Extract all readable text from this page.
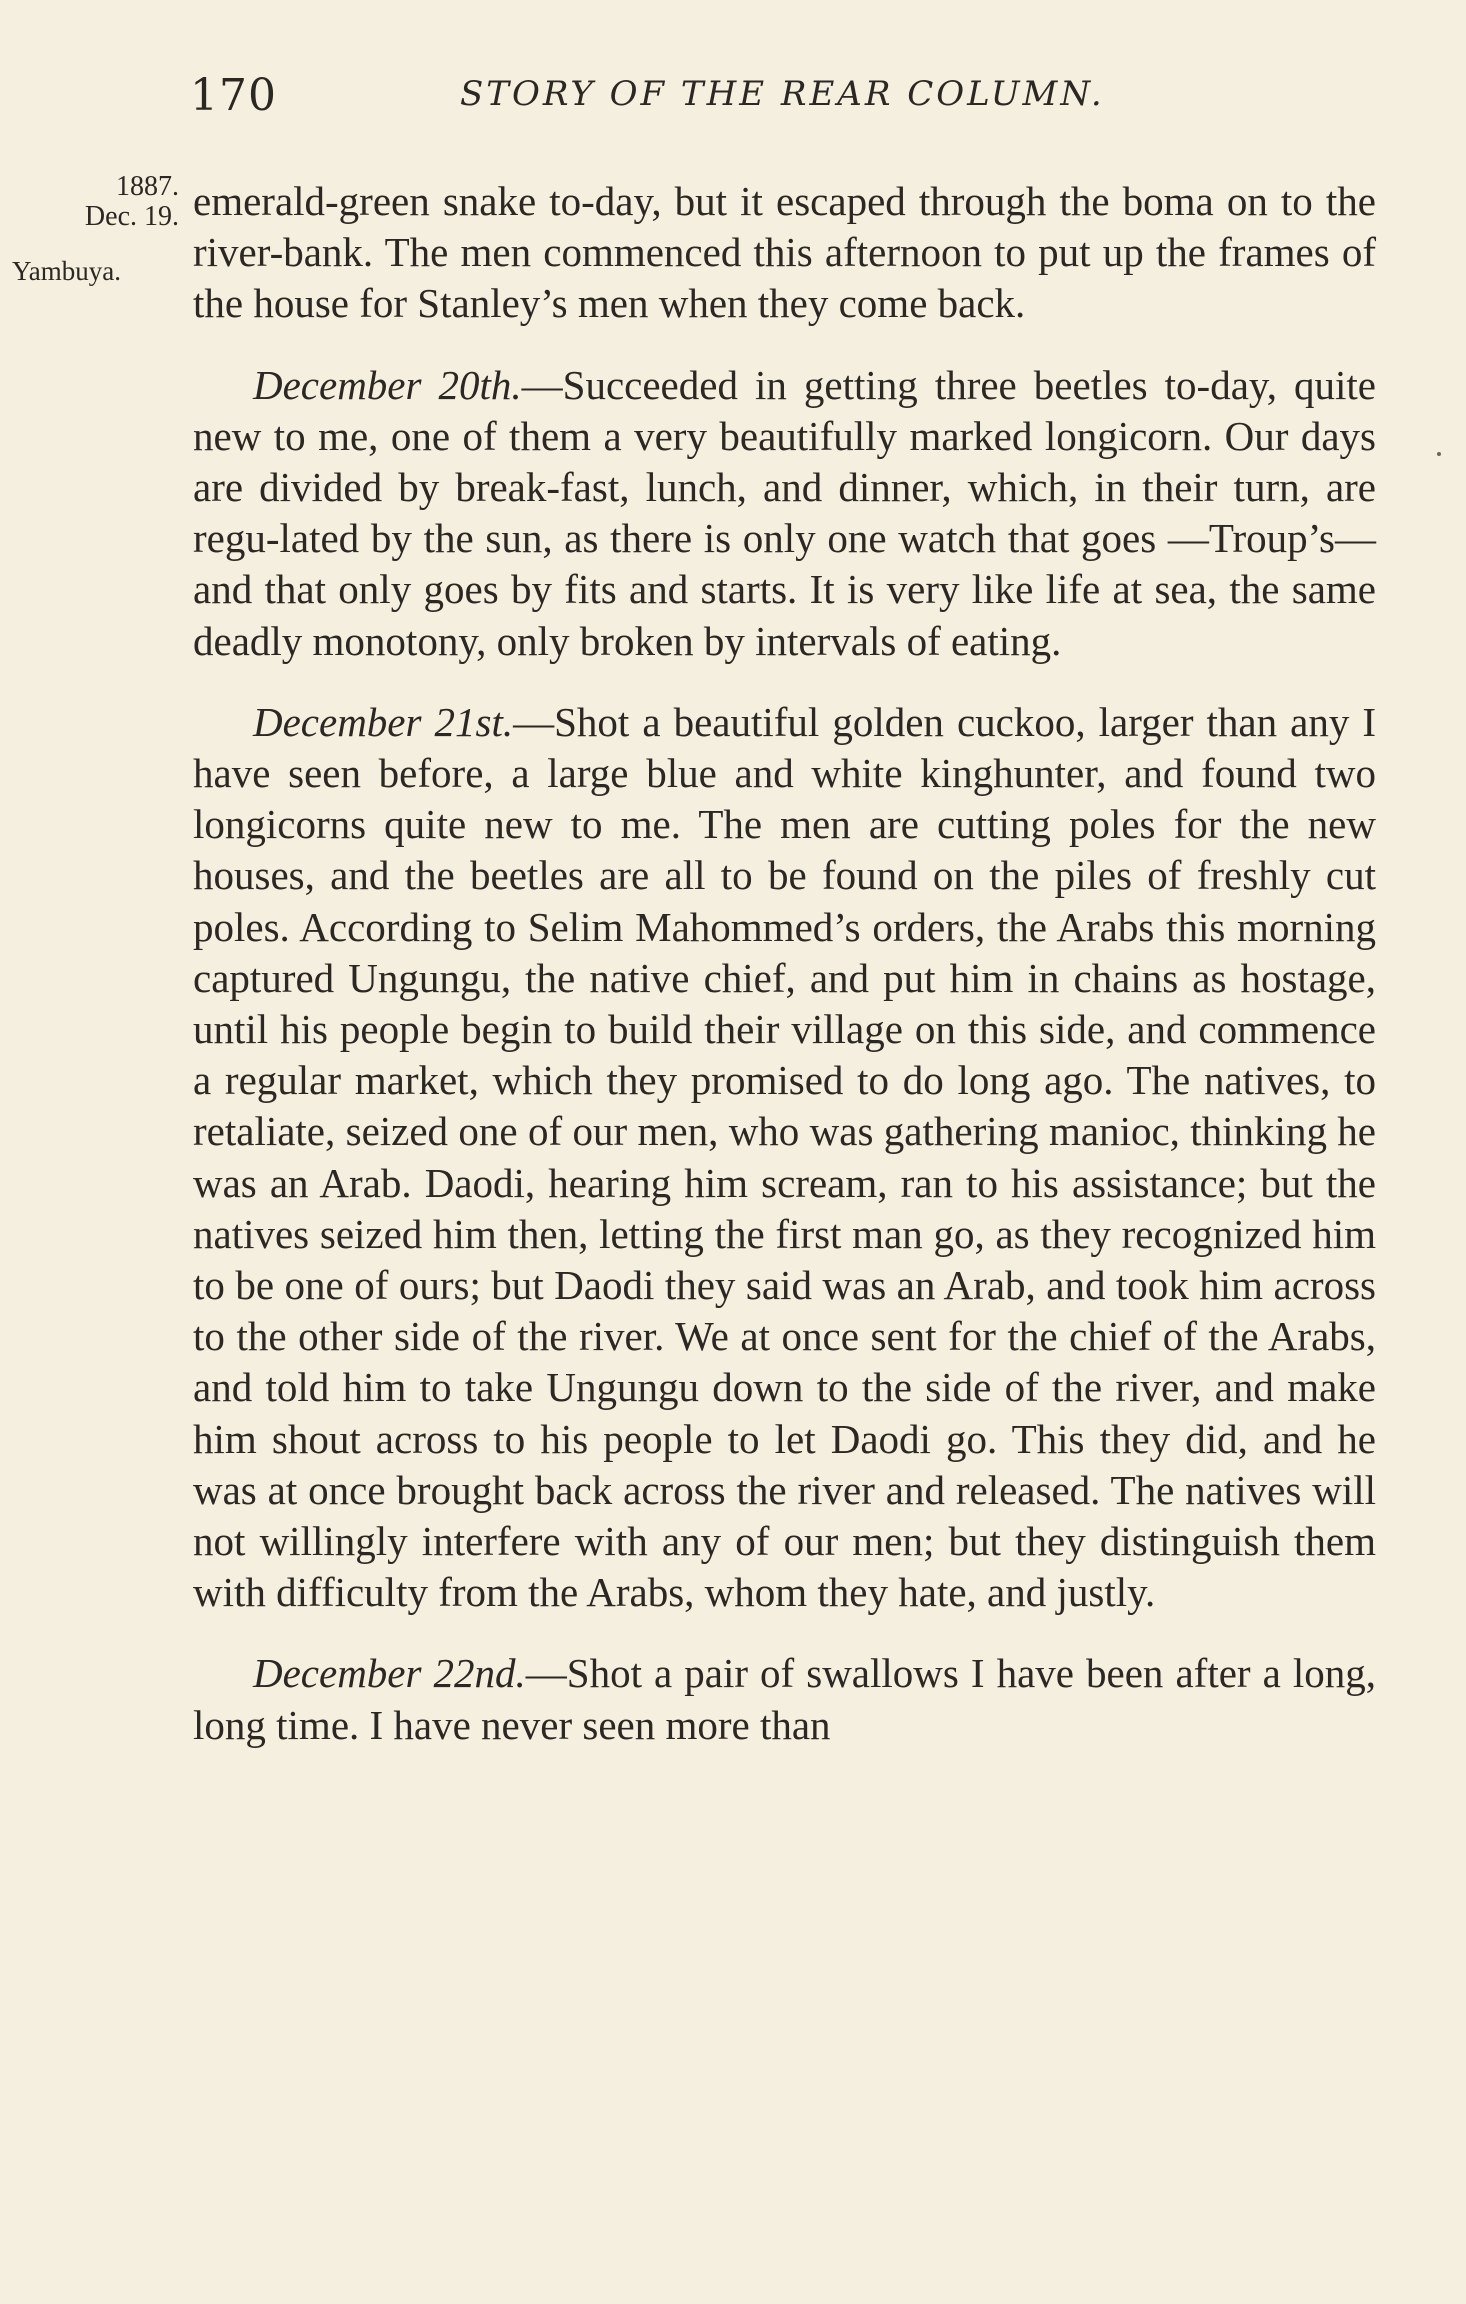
170	STORY OF THE REAR COLUMN.
1887.
Dec. 19.
Yambuya.

emerald-green snake to-day, but it escaped through the boma on to the river-bank. The men commenced this afternoon to put up the frames of the house for Stanley’s men when they come back.

December 20th.—Succeeded in getting three beetles to-day, quite new to me, one of them a very beautifully marked longicorn. Our days are divided by break-fast, lunch, and dinner, which, in their turn, are regu-lated by the sun, as there is only one watch that goes —Troup’s—and that only goes by fits and starts. It is very like life at sea, the same deadly monotony, only broken by intervals of eating.

December 21st.—Shot a beautiful golden cuckoo, larger than any I have seen before, a large blue and white kinghunter, and found two longicorns quite new to me. The men are cutting poles for the new houses, and the beetles are all to be found on the piles of freshly cut poles. According to Selim Mahommed’s orders, the Arabs this morning captured Ungungu, the native chief, and put him in chains as hostage, until his people begin to build their village on this side, and commence a regular market, which they promised to do long ago. The natives, to retaliate, seized one of our men, who was gathering manioc, thinking he was an Arab. Daodi, hearing him scream, ran to his assistance; but the natives seized him then, letting the first man go, as they recognized him to be one of ours; but Daodi they said was an Arab, and took him across to the other side of the river. We at once sent for the chief of the Arabs, and told him to take Ungungu down to the side of the river, and make him shout across to his people to let Daodi go. This they did, and he was at once brought back across the river and released. The natives will not willingly interfere with any of our men; but they distinguish them with difficulty from the Arabs, whom they hate, and justly.

December 22nd.—Shot a pair of swallows I have been after a long, long time. I have never seen more than
